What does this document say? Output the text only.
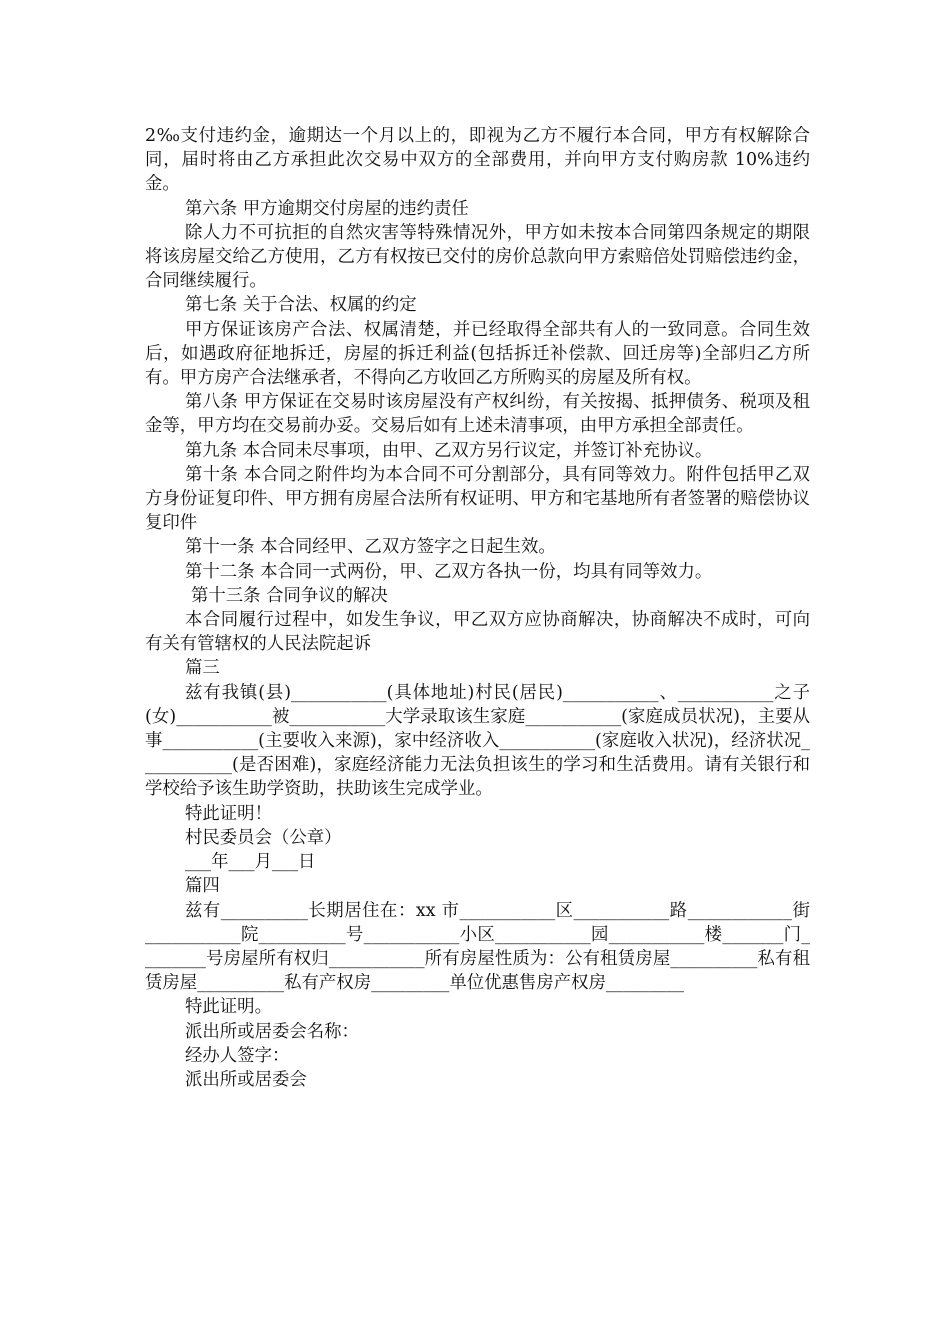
2‰支付违约金，逾期达一个月以上的，即视为乙方不履行本合同，甲方有权解除合同，届时将由乙方承担此次交易中双方的全部费用，并向甲方支付购房款 10%违约金。

第六条 甲方逾期交付房屋的违约责任

除人力不可抗拒的自然灾害等特殊情况外，甲方如未按本合同第四条规定的期限将该房屋交给乙方使用，乙方有权按已交付的房价总款向甲方索赔倍处罚赔偿违约金，合同继续履行。

第七条 关于合法、权属的约定

甲方保证该房产合法、权属清楚，并已经取得全部共有人的一致同意。合同生效后，如遇政府征地拆迁，房屋的拆迁利益(包括拆迁补偿款、回迁房等)全部归乙方所有。甲方房产合法继承者，不得向乙方收回乙方所购买的房屋及所有权。

第八条 甲方保证在交易时该房屋没有产权纠纷，有关按揭、抵押债务、税项及租金等，甲方均在交易前办妥。交易后如有上述未清事项，由甲方承担全部责任。

第九条 本合同未尽事项，由甲、乙双方另行议定，并签订补充协议。

第十条 本合同之附件均为本合同不可分割部分，具有同等效力。附件包括甲乙双方身份证复印件、甲方拥有房屋合法所有权证明、甲方和宅基地所有者签署的赔偿协议复印件

第十一条 本合同经甲、乙双方签字之日起生效。

第十二条 本合同一式两份，甲、乙双方各执一份，均具有同等效力。

第十三条 合同争议的解决

本合同履行过程中，如发生争议，甲乙双方应协商解决，协商解决不成时，可向有关有管辖权的人民法院起诉

篇三

兹有我镇(县)___________(具体地址)村民(居民)___________、___________之子(女)___________被___________大学录取该生家庭___________(家庭成员状况)，主要从事___________(主要收入来源)，家中经济收入___________(家庭收入状况)，经济状况___________(是否困难)，家庭经济能力无法负担该生的学习和生活费用。请有关银行和学校给予该生助学资助，扶助该生完成学业。

特此证明！

村民委员会（公章）

___年___月___日

篇四

兹有__________长期居住在：xx 市___________区___________路____________街___________院__________号___________小区___________园___________楼_______门________号房屋所有权归___________所有房屋性质为：公有租赁房屋__________私有租赁房屋__________私有产权房_________单位优惠售房产权房_________

特此证明。

派出所或居委会名称：

经办人签字：

派出所或居委会
